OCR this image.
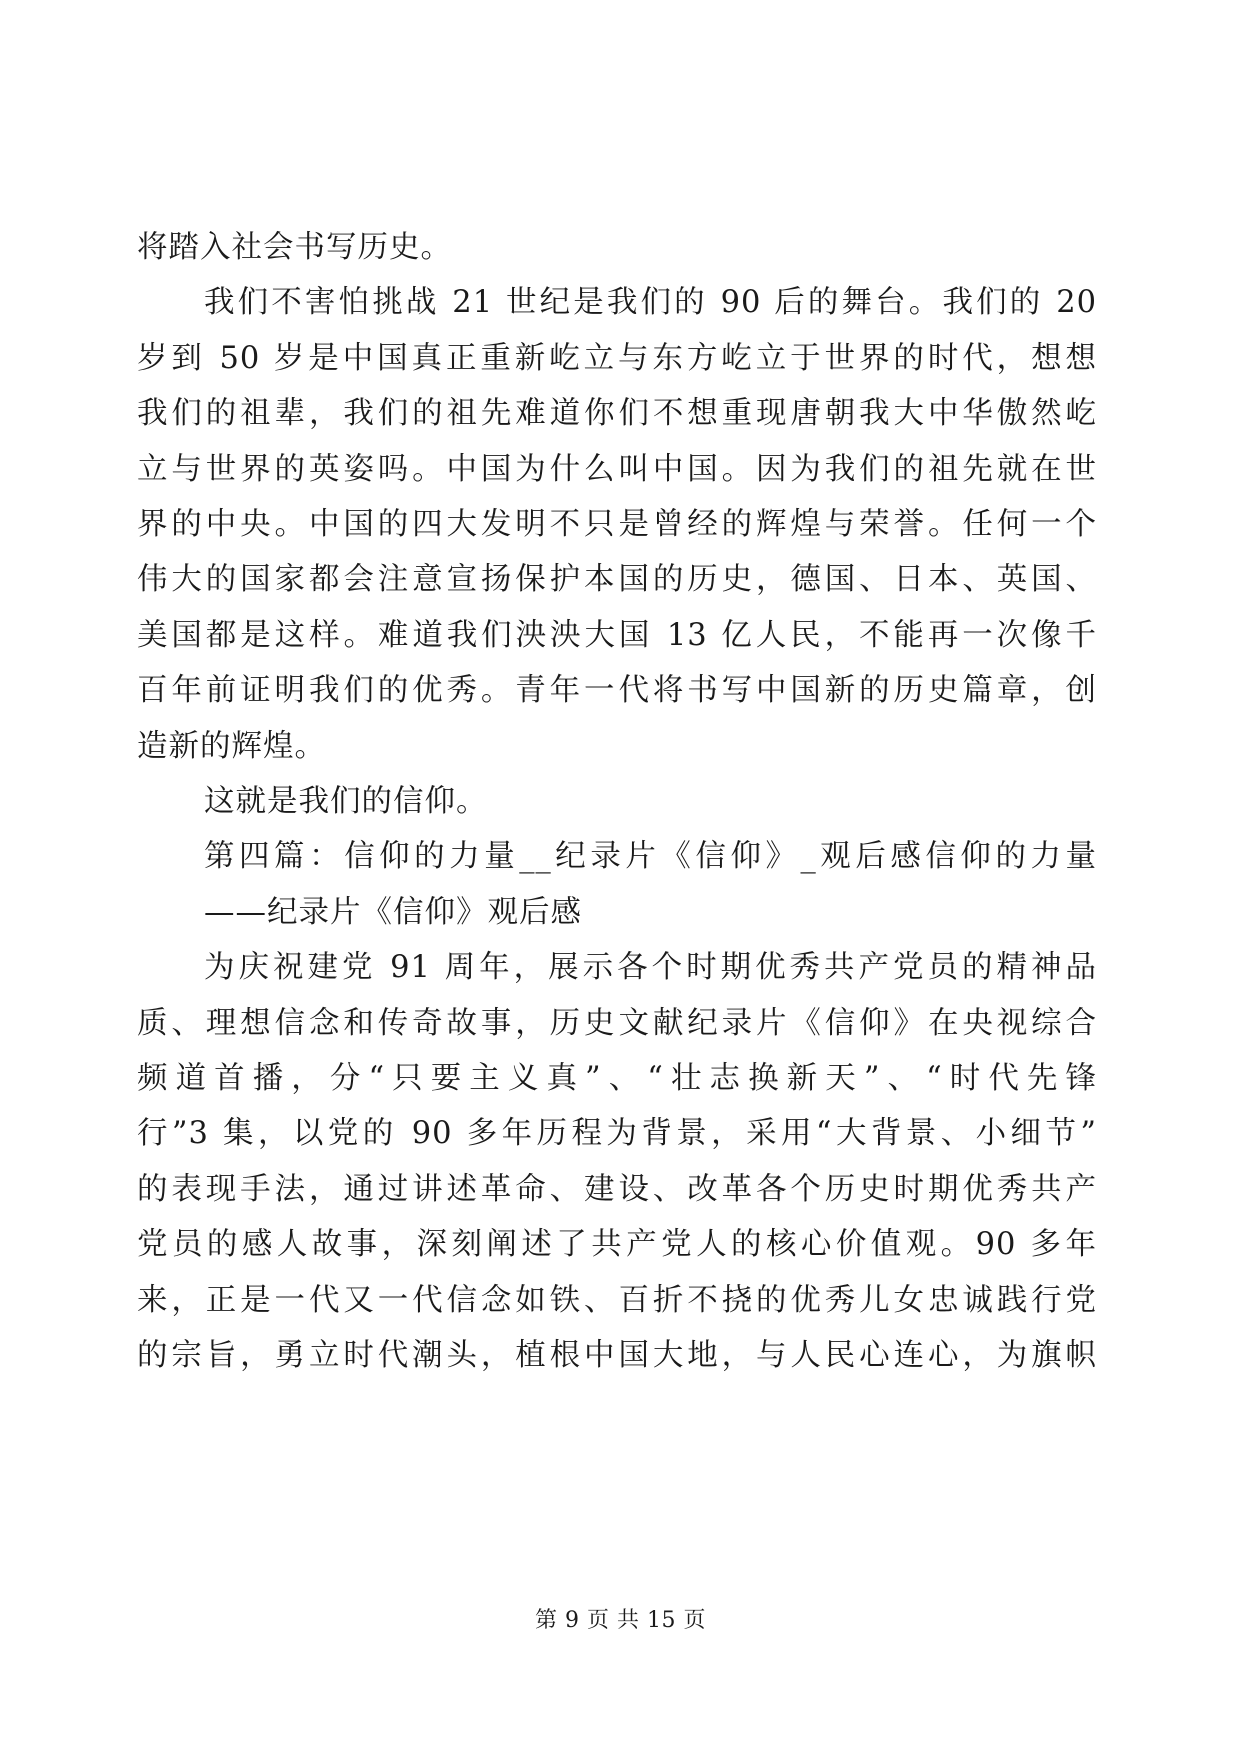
将踏入社会书写历史。
我们不害怕挑战 21 世纪是我们的 90 后的舞台。我们的 20
岁到 50 岁是中国真正重新屹立与东方屹立于世界的时代，想想
我们的祖辈，我们的祖先难道你们不想重现唐朝我大中华傲然屹
立与世界的英姿吗。中国为什么叫中国。因为我们的祖先就在世
界的中央。中国的四大发明不只是曾经的辉煌与荣誉。任何一个
伟大的国家都会注意宣扬保护本国的历史，德国、日本、英国、
美国都是这样。难道我们泱泱大国 13 亿人民，不能再一次像千
百年前证明我们的优秀。青年一代将书写中国新的历史篇章，创
造新的辉煌。
这就是我们的信仰。
第四篇：信仰的力量__纪录片《信仰》_观后感信仰的力量
——纪录片《信仰》观后感
为庆祝建党 91 周年，展示各个时期优秀共产党员的精神品
质、理想信念和传奇故事，历史文献纪录片《信仰》在央视综合
频道首播，分“只要主义真”、“壮志换新天”、“时代先锋
行”3 集，以党的 90 多年历程为背景，采用“大背景、小细节”
的表现手法，通过讲述革命、建设、改革各个历史时期优秀共产
党员的感人故事，深刻阐述了共产党人的核心价值观。90 多年
来，正是一代又一代信念如铁、百折不挠的优秀儿女忠诚践行党
的宗旨，勇立时代潮头，植根中国大地，与人民心连心，为旗帜
第 9 页 共 15 页
